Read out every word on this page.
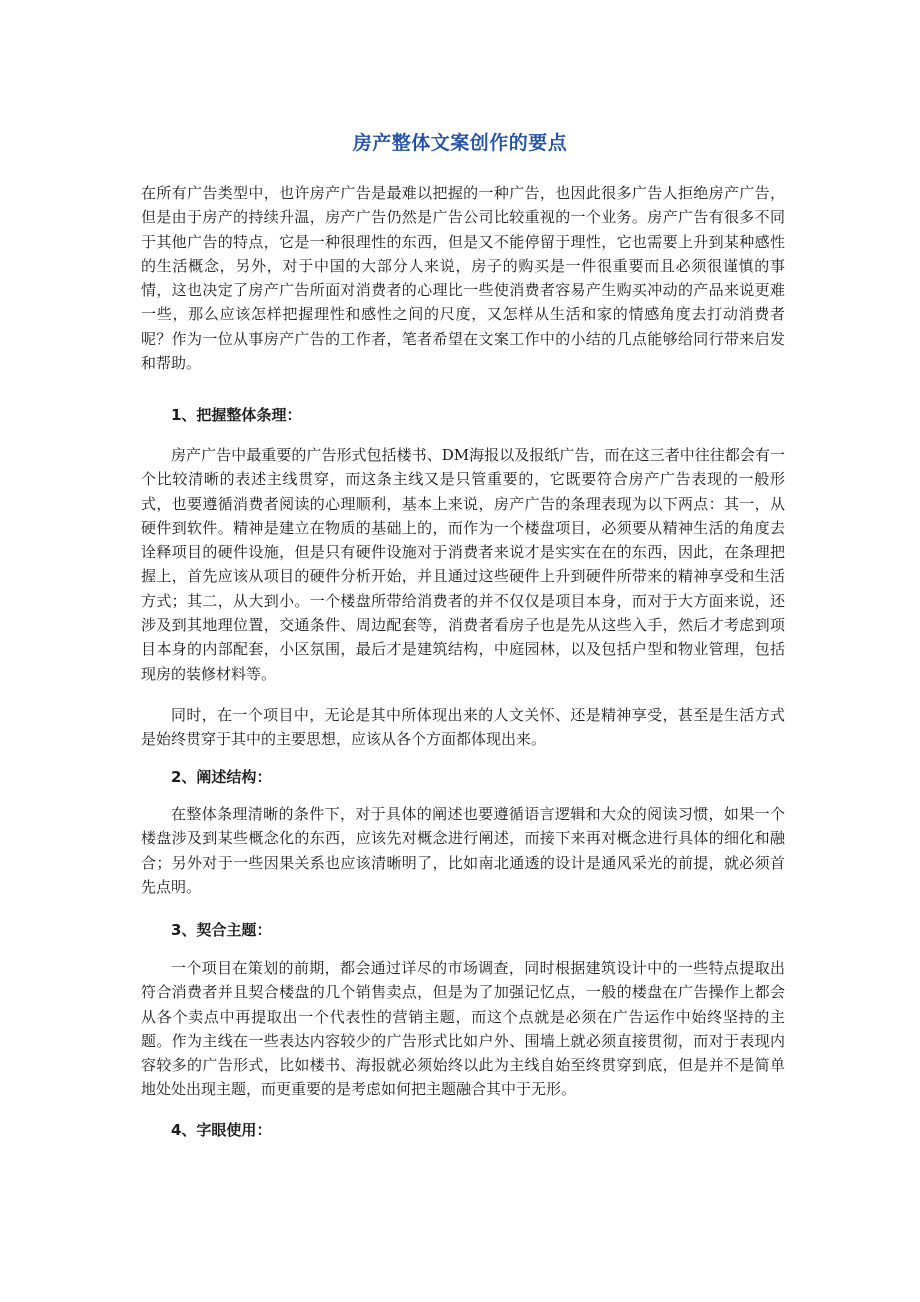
房产整体文案创作的要点

在所有广告类型中，也许房产广告是最难以把握的一种广告，也因此很多广告人拒绝房产广告，但是由于房产的持续升温，房产广告仍然是广告公司比较重视的一个业务。房产广告有很多不同于其他广告的特点，它是一种很理性的东西，但是又不能停留于理性，它也需要上升到某种感性的生活概念，另外，对于中国的大部分人来说，房子的购买是一件很重要而且必须很谨慎的事情，这也决定了房产广告所面对消费者的心理比一些使消费者容易产生购买冲动的产品来说更难一些，那么应该怎样把握理性和感性之间的尺度，又怎样从生活和家的情感角度去打动消费者呢？作为一位从事房产广告的工作者，笔者希望在文案工作中的小结的几点能够给同行带来启发和帮助。

1、把握整体条理：

房产广告中最重要的广告形式包括楼书、DM海报以及报纸广告，而在这三者中往往都会有一个比较清晰的表述主线贯穿，而这条主线又是只管重要的，它既要符合房产广告表现的一般形式，也要遵循消费者阅读的心理顺利，基本上来说，房产广告的条理表现为以下两点：其一，从硬件到软件。精神是建立在物质的基础上的，而作为一个楼盘项目，必须要从精神生活的角度去诠释项目的硬件设施，但是只有硬件设施对于消费者来说才是实实在在的东西，因此，在条理把握上，首先应该从项目的硬件分析开始，并且通过这些硬件上升到硬件所带来的精神享受和生活方式；其二，从大到小。一个楼盘所带给消费者的并不仅仅是项目本身，而对于大方面来说，还涉及到其地理位置，交通条件、周边配套等，消费者看房子也是先从这些入手，然后才考虑到项目本身的内部配套，小区氛围，最后才是建筑结构，中庭园林，以及包括户型和物业管理，包括现房的装修材料等。

同时，在一个项目中，无论是其中所体现出来的人文关怀、还是精神享受，甚至是生活方式是始终贯穿于其中的主要思想，应该从各个方面都体现出来。

2、阐述结构：

在整体条理清晰的条件下，对于具体的阐述也要遵循语言逻辑和大众的阅读习惯，如果一个楼盘涉及到某些概念化的东西，应该先对概念进行阐述，而接下来再对概念进行具体的细化和融合；另外对于一些因果关系也应该清晰明了，比如南北通透的设计是通风采光的前提，就必须首先点明。

3、契合主题：

一个项目在策划的前期，都会通过详尽的市场调查，同时根据建筑设计中的一些特点提取出符合消费者并且契合楼盘的几个销售卖点，但是为了加强记忆点，一般的楼盘在广告操作上都会从各个卖点中再提取出一个代表性的营销主题，而这个点就是必须在广告运作中始终坚持的主题。作为主线在一些表达内容较少的广告形式比如户外、围墙上就必须直接贯彻，而对于表现内容较多的广告形式，比如楼书、海报就必须始终以此为主线自始至终贯穿到底，但是并不是简单地处处出现主题，而更重要的是考虑如何把主题融合其中于无形。

4、字眼使用：
